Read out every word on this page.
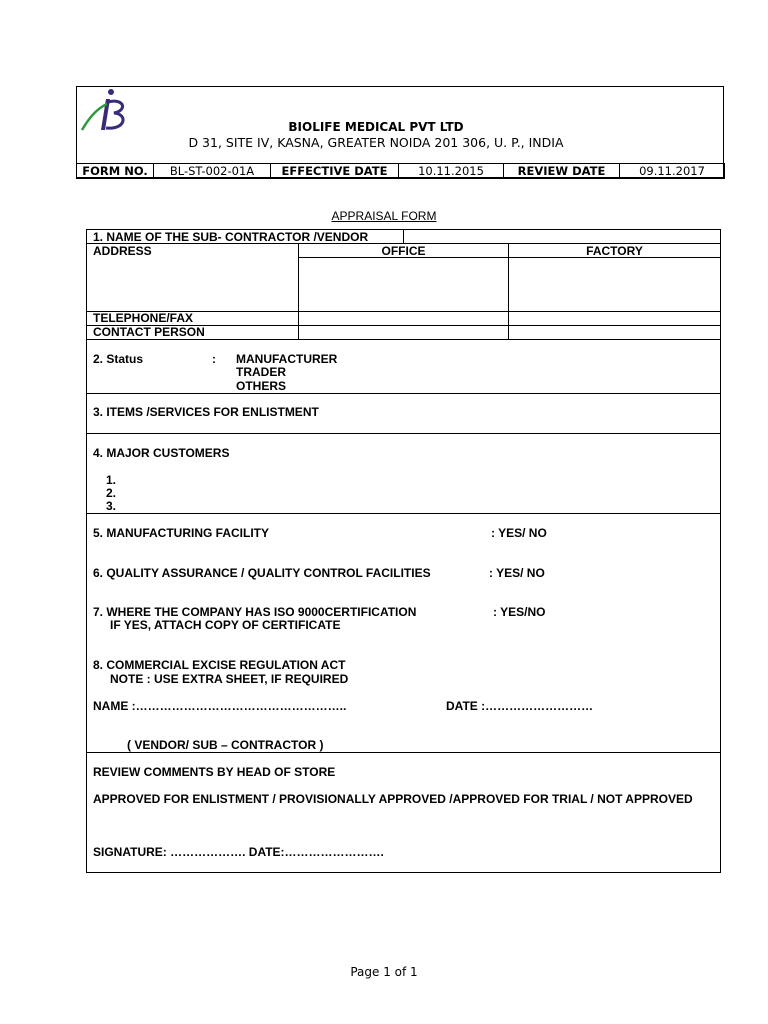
BIOLIFE MEDICAL PVT LTD
D 31, SITE IV, KASNA, GREATER NOIDA 201 306, U. P., INDIA
FORM NO.	BL-ST-002-01A	EFFECTIVE DATE	10.11.2015	REVIEW DATE	09.11.2017
APPRAISAL FORM
1. NAME OF THE SUB- CONTRACTOR /VENDOR
ADDRESS	OFFICE	FACTORY
TELEPHONE/FAX
CONTACT PERSON
2. Status	: MANUFACTURER
TRADER
OTHERS
3. ITEMS /SERVICES FOR ENLISTMENT
4. MAJOR CUSTOMERS
1.
2.
3.
5. MANUFACTURING FACILITY	: YES/ NO
6. QUALITY ASSURANCE / QUALITY CONTROL FACILITIES	: YES/ NO
7. WHERE THE COMPANY HAS ISO 9000CERTIFICATION	: YES/NO
IF YES, ATTACH COPY OF CERTIFICATE
8. COMMERCIAL EXCISE REGULATION ACT
NOTE : USE EXTRA SHEET, IF REQUIRED
NAME :……………………………………………..	DATE :………………………
( VENDOR/ SUB – CONTRACTOR )
REVIEW COMMENTS BY HEAD OF STORE
APPROVED FOR ENLISTMENT / PROVISIONALLY APPROVED /APPROVED FOR TRIAL / NOT APPROVED
SIGNATURE: ………………. DATE:…………………….
Page 1 of 1
